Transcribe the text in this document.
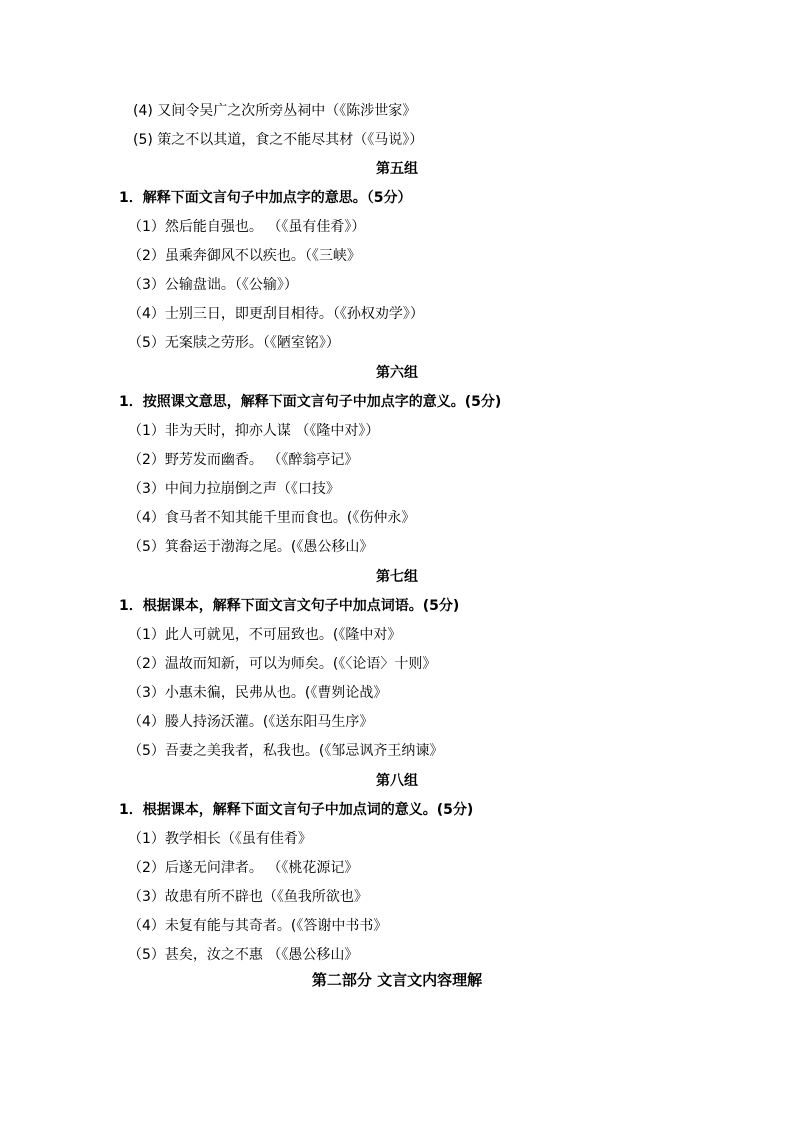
(4) 又间令吴广之次所旁丛祠中（《陈涉世家》
(5) 策之不以其道，食之不能尽其材（《马说》）
第五组
1．解释下面文言句子中加点字的意思。（5分）
（1）然后能自强也。 （《虽有佳肴》）
（2）虽乘奔御风不以疾也。（《三峡》
（3）公输盘诎。（《公输》）
（4）士别三日，即更刮目相待。（《孙权劝学》）
（5）无案牍之劳形。（《陋室铭》）
第六组
1．按照课文意思，解释下面文言句子中加点字的意义。(5分)
（1）非为天时，抑亦人谋 （《隆中对》）
（2）野芳发而幽香。 （《醉翁亭记》
（3）中间力拉崩倒之声（《口技》
（4）食马者不知其能千里而食也。(《伤仲永》
（5）箕畚运于渤海之尾。(《愚公移山》
第七组
1．根据课本，解释下面文言文句子中加点词语。(5分)
（1）此人可就见，不可屈致也。(《隆中对》
（2）温故而知新，可以为师矣。(《〈论语〉十则》
（3）小惠未徧，民弗从也。(《曹刿论战》
（4）媵人持汤沃灌。(《送东阳马生序》
（5）吾妻之美我者，私我也。(《邹忌讽齐王纳谏》
第八组
1．根据课本，解释下面文言句子中加点词的意义。(5分)
（1）教学相长（《虽有佳肴》
（2）后遂无问津者。 （《桃花源记》
（3）故患有所不辟也（《鱼我所欲也》
（4）未复有能与其奇者。(《答谢中书书》
（5）甚矣，汝之不惠 （《愚公移山》
第二部分 文言文内容理解
